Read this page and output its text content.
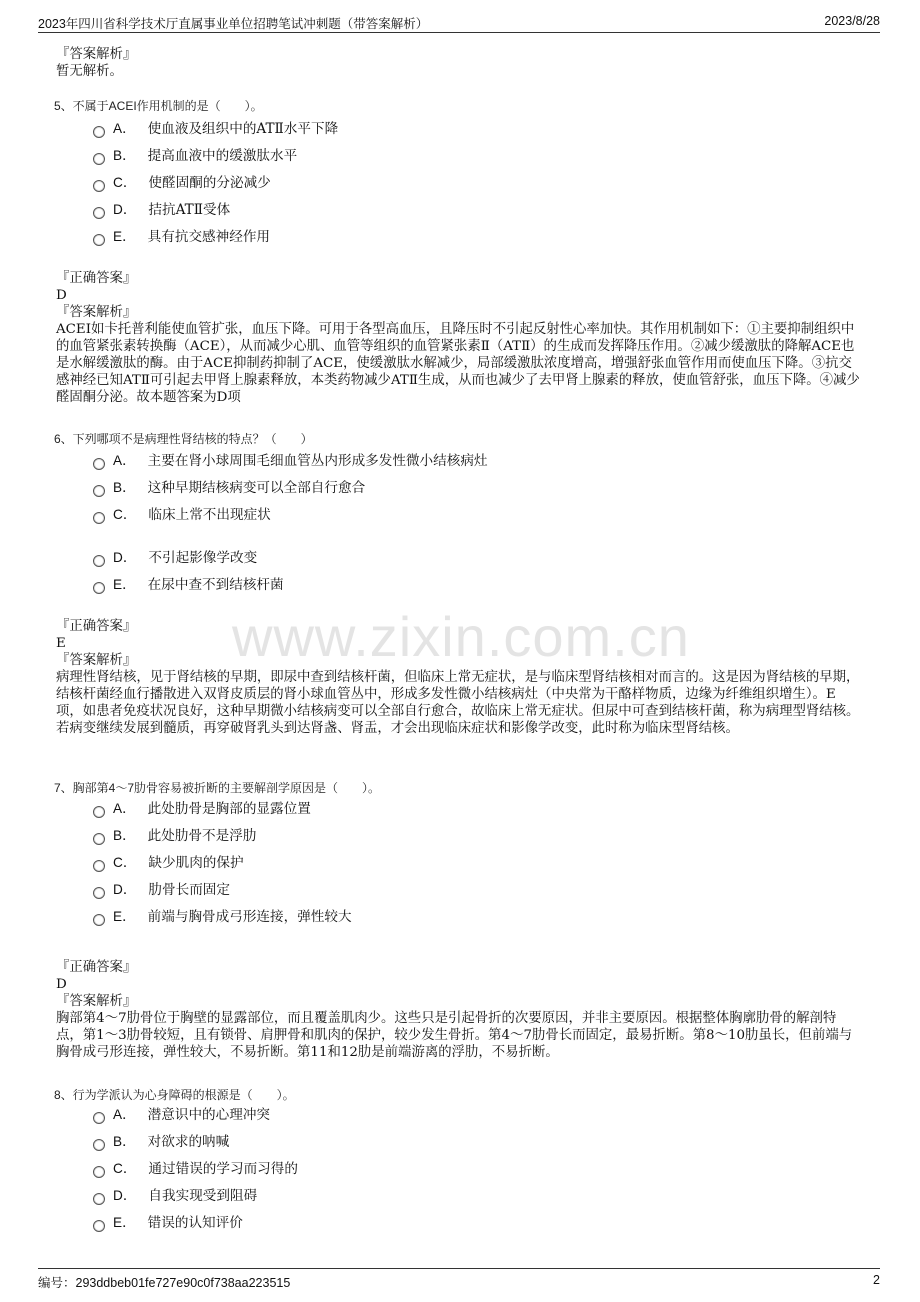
2023年四川省科学技术厅直属事业单位招聘笔试冲刺题（带答案解析）	2023/8/28
www.zixin.com.cn
『答案解析』
暂无解析。
5、不属于ACEI作用机制的是（　　）。
A． 使血液及组织中的ATⅡ水平下降
B． 提高血液中的缓激肽水平
C． 使醛固酮的分泌减少
D． 拮抗ATⅡ受体
E． 具有抗交感神经作用
『正确答案』
D
『答案解析』
ACEI如卡托普利能使血管扩张，血压下降。可用于各型高血压，且降压时不引起反射性心率加快。其作用机制如下：①主要抑制组织中的血管紧张素转换酶（ACE），从而减少心肌、血管等组织的血管紧张素Ⅱ（ATⅡ）的生成而发挥降压作用。②减少缓激肽的降解ACE也是水解缓激肽的酶。由于ACE抑制药抑制了ACE，使缓激肽水解减少，局部缓激肽浓度增高，增强舒张血管作用而使血压下降。③抗交感神经已知ATⅡ可引起去甲肾上腺素释放，本类药物减少ATⅡ生成，从而也减少了去甲肾上腺素的释放，使血管舒张，血压下降。④减少醛固酮分泌。故本题答案为D项
6、下列哪项不是病理性肾结核的特点？（　　）
A． 主要在肾小球周围毛细血管丛内形成多发性微小结核病灶
B． 这种早期结核病变可以全部自行愈合
C． 临床上常不出现症状
D． 不引起影像学改变
E． 在尿中查不到结核杆菌
『正确答案』
E
『答案解析』
病理性肾结核，见于肾结核的早期，即尿中查到结核杆菌，但临床上常无症状，是与临床型肾结核相对而言的。这是因为肾结核的早期，结核杆菌经血行播散进入双肾皮质层的肾小球血管丛中，形成多发性微小结核病灶（中央常为干酪样物质，边缘为纤维组织增生）。E项，如患者免疫状况良好，这种早期微小结核病变可以全部自行愈合，故临床上常无症状。但尿中可查到结核杆菌，称为病理型肾结核。若病变继续发展到髓质，再穿破肾乳头到达肾盏、肾盂，才会出现临床症状和影像学改变，此时称为临床型肾结核。
7、胸部第4～7肋骨容易被折断的主要解剖学原因是（　　）。
A． 此处肋骨是胸部的显露位置
B． 此处肋骨不是浮肋
C． 缺少肌肉的保护
D． 肋骨长而固定
E． 前端与胸骨成弓形连接，弹性较大
『正确答案』
D
『答案解析』
胸部第4～7肋骨位于胸壁的显露部位，而且覆盖肌肉少。这些只是引起骨折的次要原因，并非主要原因。根据整体胸廓肋骨的解剖特点，第1～3肋骨较短，且有锁骨、肩胛骨和肌肉的保护，较少发生骨折。第4～7肋骨长而固定，最易折断。第8～10肋虽长，但前端与胸骨成弓形连接，弹性较大，不易折断。第11和12肋是前端游离的浮肋，不易折断。
8、行为学派认为心身障碍的根源是（　　）。
A． 潜意识中的心理冲突
B． 对欲求的呐喊
C． 通过错误的学习而习得的
D． 自我实现受到阻碍
E． 错误的认知评价
编号：293ddbeb01fe727e90c0f738aa223515	2
